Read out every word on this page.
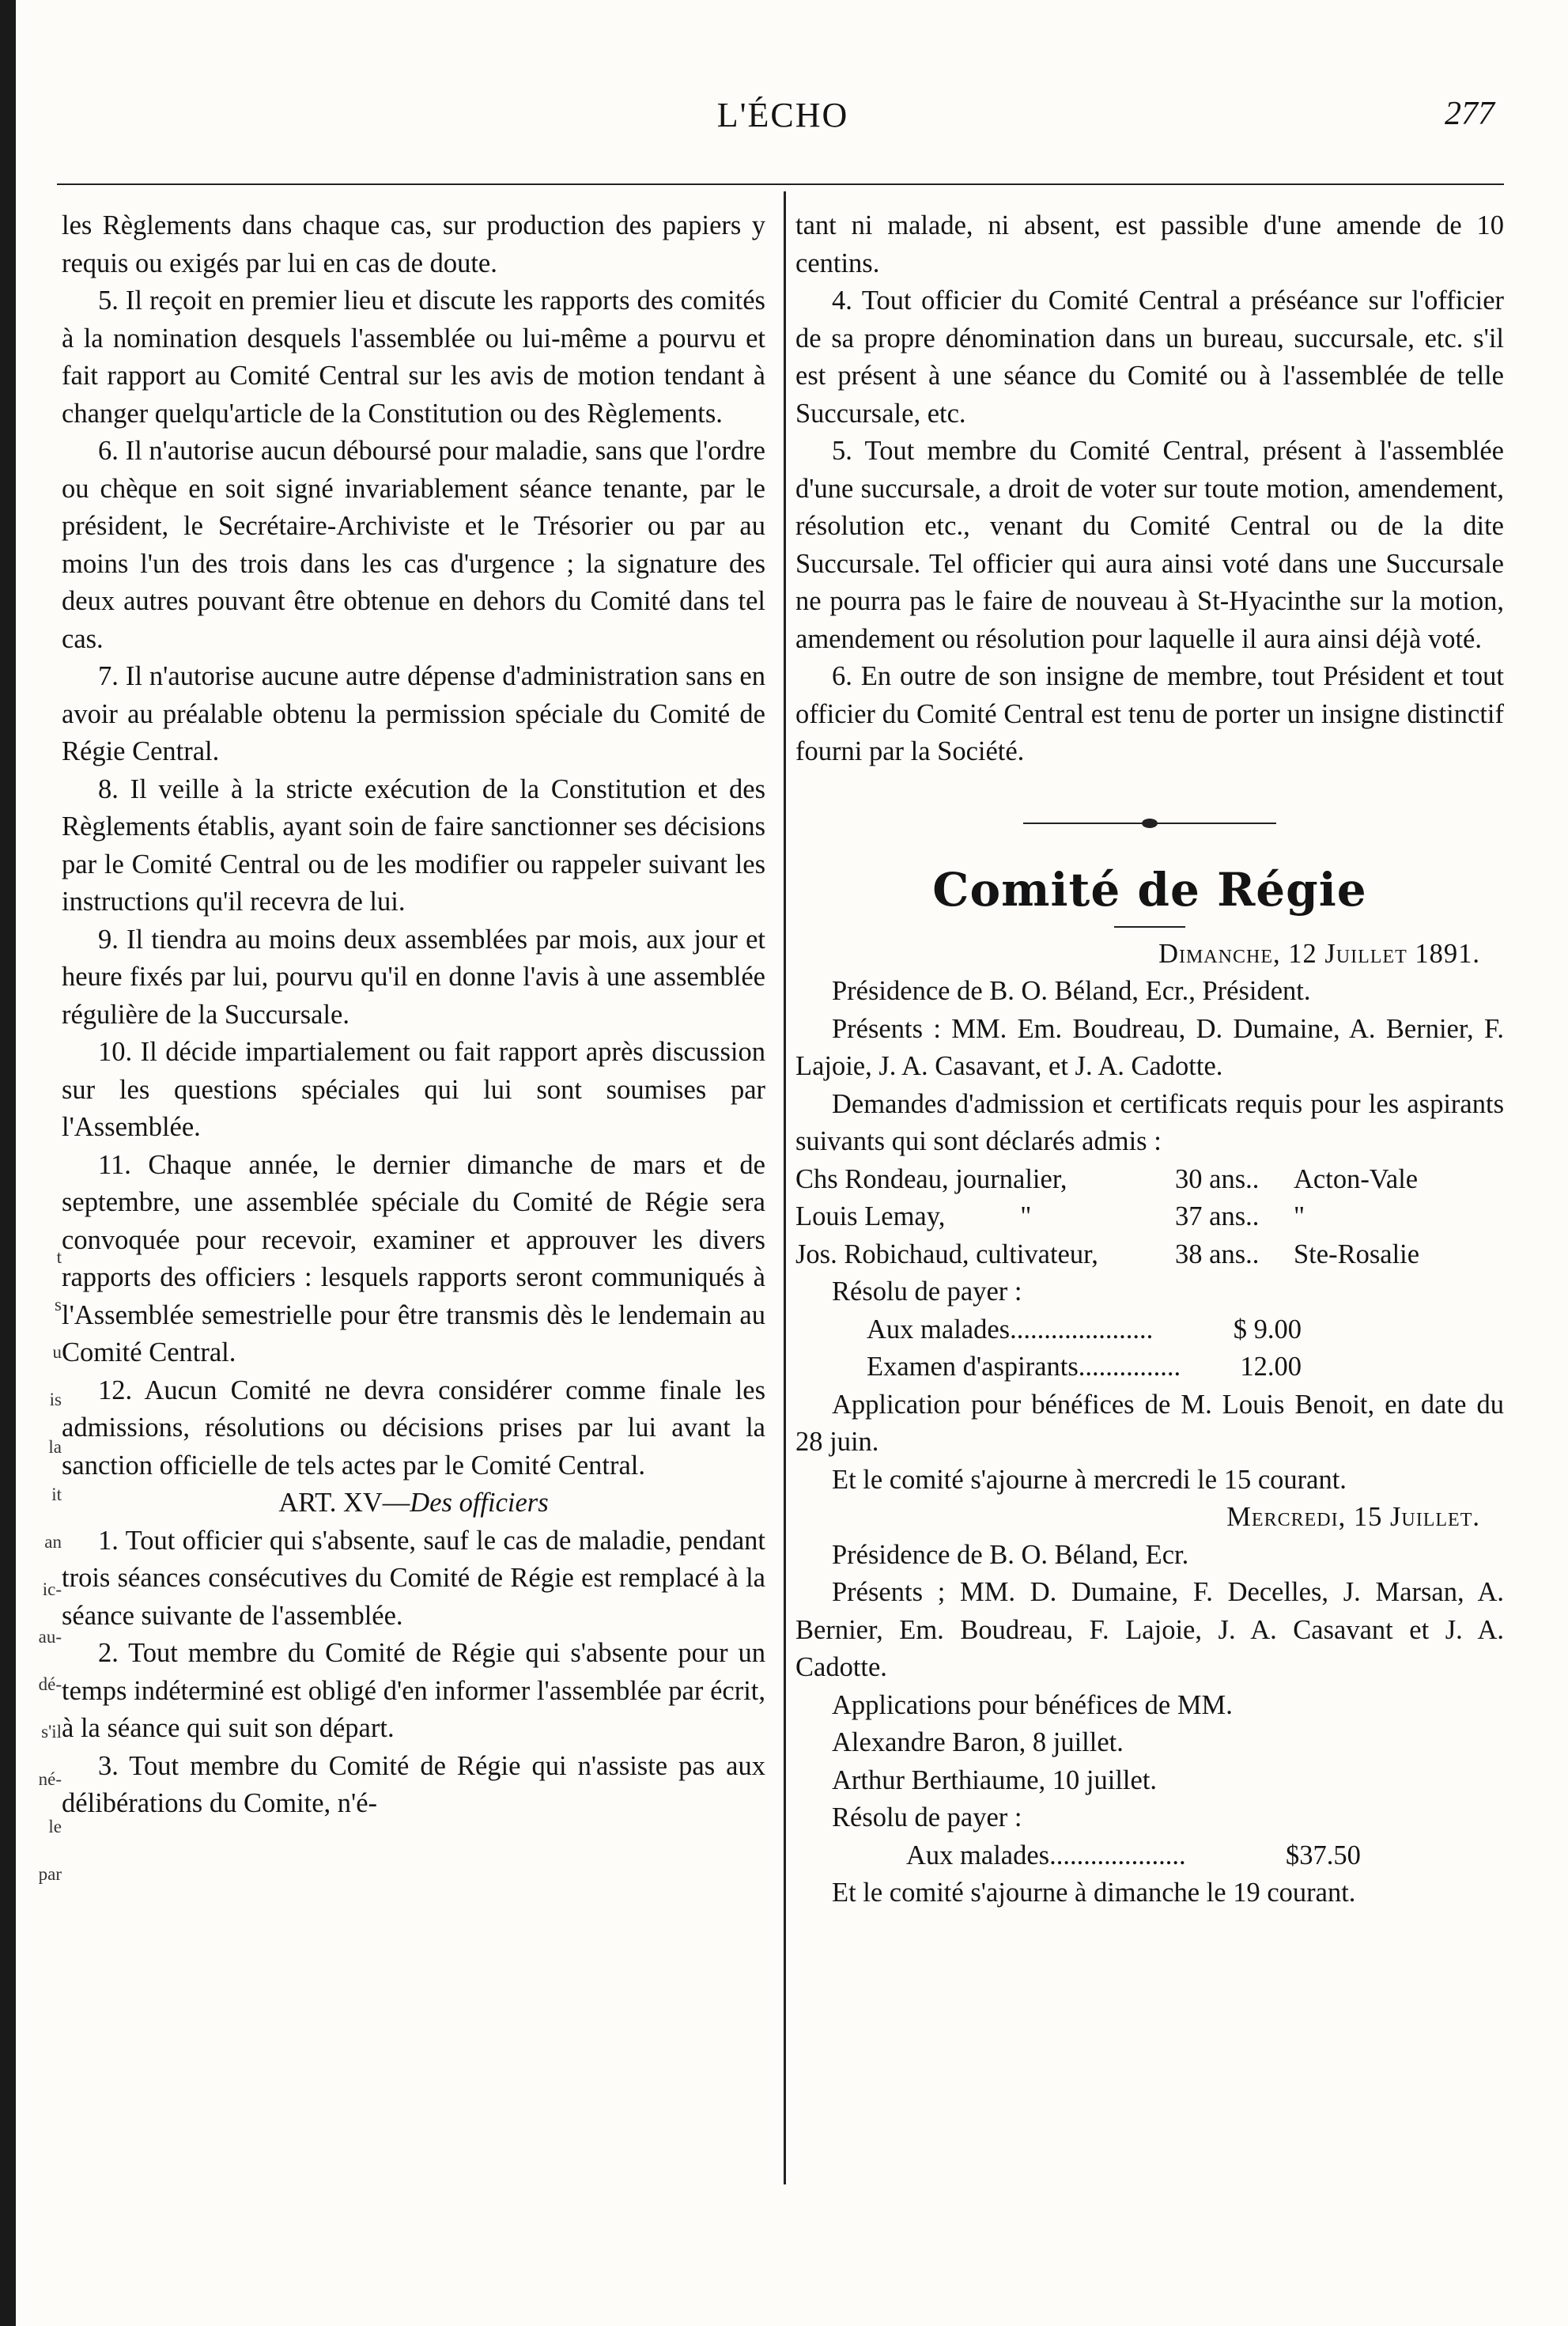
t
s
u
is
la
it
an
ic-
au-
dé-
s'il
né-
le
par
L'ÉCHO	277

les Règlements dans chaque cas, sur production des papiers y requis ou exigés par lui en cas de doute.

5. Il reçoit en premier lieu et discute les rapports des comités à la nomination desquels l'assemblée ou lui-même a pourvu et fait rapport au Comité Central sur les avis de motion tendant à changer quelqu'article de la Constitution ou des Règlements.

6. Il n'autorise aucun déboursé pour maladie, sans que l'ordre ou chèque en soit signé invariablement séance tenante, par le président, le Secrétaire-Archiviste et le Trésorier ou par au moins l'un des trois dans les cas d'urgence ; la signature des deux autres pouvant être obtenue en dehors du Comité dans tel cas.

7. Il n'autorise aucune autre dépense d'administration sans en avoir au préalable obtenu la permission spéciale du Comité de Régie Central.

8. Il veille à la stricte exécution de la Constitution et des Règlements établis, ayant soin de faire sanctionner ses décisions par le Comité Central ou de les modifier ou rappeler suivant les instructions qu'il recevra de lui.

9. Il tiendra au moins deux assemblées par mois, aux jour et heure fixés par lui, pourvu qu'il en donne l'avis à une assemblée régulière de la Succursale.

10. Il décide impartialement ou fait rapport après discussion sur les questions spéciales qui lui sont soumises par l'Assemblée.

11. Chaque année, le dernier dimanche de mars et de septembre, une assemblée spéciale du Comité de Régie sera convoquée pour recevoir, examiner et approuver les divers rapports des officiers : lesquels rapports seront communiqués à l'Assemblée semestrielle pour être transmis dès le lendemain au Comité Central.

12. Aucun Comité ne devra considérer comme finale les admissions, résolutions ou décisions prises par lui avant la sanction officielle de tels actes par le Comité Central.

ART. XV—Des officiers

1. Tout officier qui s'absente, sauf le cas de maladie, pendant trois séances consécutives du Comité de Régie est remplacé à la séance suivante de l'assemblée.

2. Tout membre du Comité de Régie qui s'absente pour un temps indéterminé est obligé d'en informer l'assemblée par écrit, à la séance qui suit son départ.

3. Tout membre du Comité de Régie qui n'assiste pas aux délibérations du Comite, n'é-

tant ni malade, ni absent, est passible d'une amende de 10 centins.

4. Tout officier du Comité Central a préséance sur l'officier de sa propre dénomination dans un bureau, succursale, etc. s'il est présent à une séance du Comité ou à l'assemblée de telle Succursale, etc.

5. Tout membre du Comité Central, présent à l'assemblée d'une succursale, a droit de voter sur toute motion, amendement, résolution etc., venant du Comité Central ou de la dite Succursale. Tel officier qui aura ainsi voté dans une Succursale ne pourra pas le faire de nouveau à St-Hyacinthe sur la motion, amendement ou résolution pour laquelle il aura ainsi déjà voté.

6. En outre de son insigne de membre, tout Président et tout officier du Comité Central est tenu de porter un insigne distinctif fourni par la Société.

Comité de Régie

Dimanche, 12 Juillet 1891.

Présidence de B. O. Béland, Ecr., Président.

Présents : MM. Em. Boudreau, D. Dumaine, A. Bernier, F. Lajoie, J. A. Casavant, et J. A. Cadotte.

Demandes d'admission et certificats requis pour les aspirants suivants qui sont déclarés admis :

Chs Rondeau, journalier,	30 ans..	Acton-Vale
Louis Lemay,           "	37 ans..	"
Jos. Robichaud, cultivateur,	38 ans..	Ste-Rosalie

Résolu de payer :

Aux malades.....................	$ 9.00
Examen d'aspirants...............	12.00

Application pour bénéfices de M. Louis Benoit, en date du 28 juin.

Et le comité s'ajourne à mercredi le 15 courant.

Mercredi, 15 Juillet.

Présidence de B. O. Béland, Ecr.

Présents ; MM. D. Dumaine, F. Decelles, J. Marsan, A. Bernier, Em. Boudreau, F. Lajoie, J. A. Casavant et J. A. Cadotte.

Applications pour bénéfices de MM.

Alexandre Baron, 8 juillet.

Arthur Berthiaume, 10 juillet.

Résolu de payer :

Aux malades....................	$37.50

Et le comité s'ajourne à dimanche le 19 courant.
